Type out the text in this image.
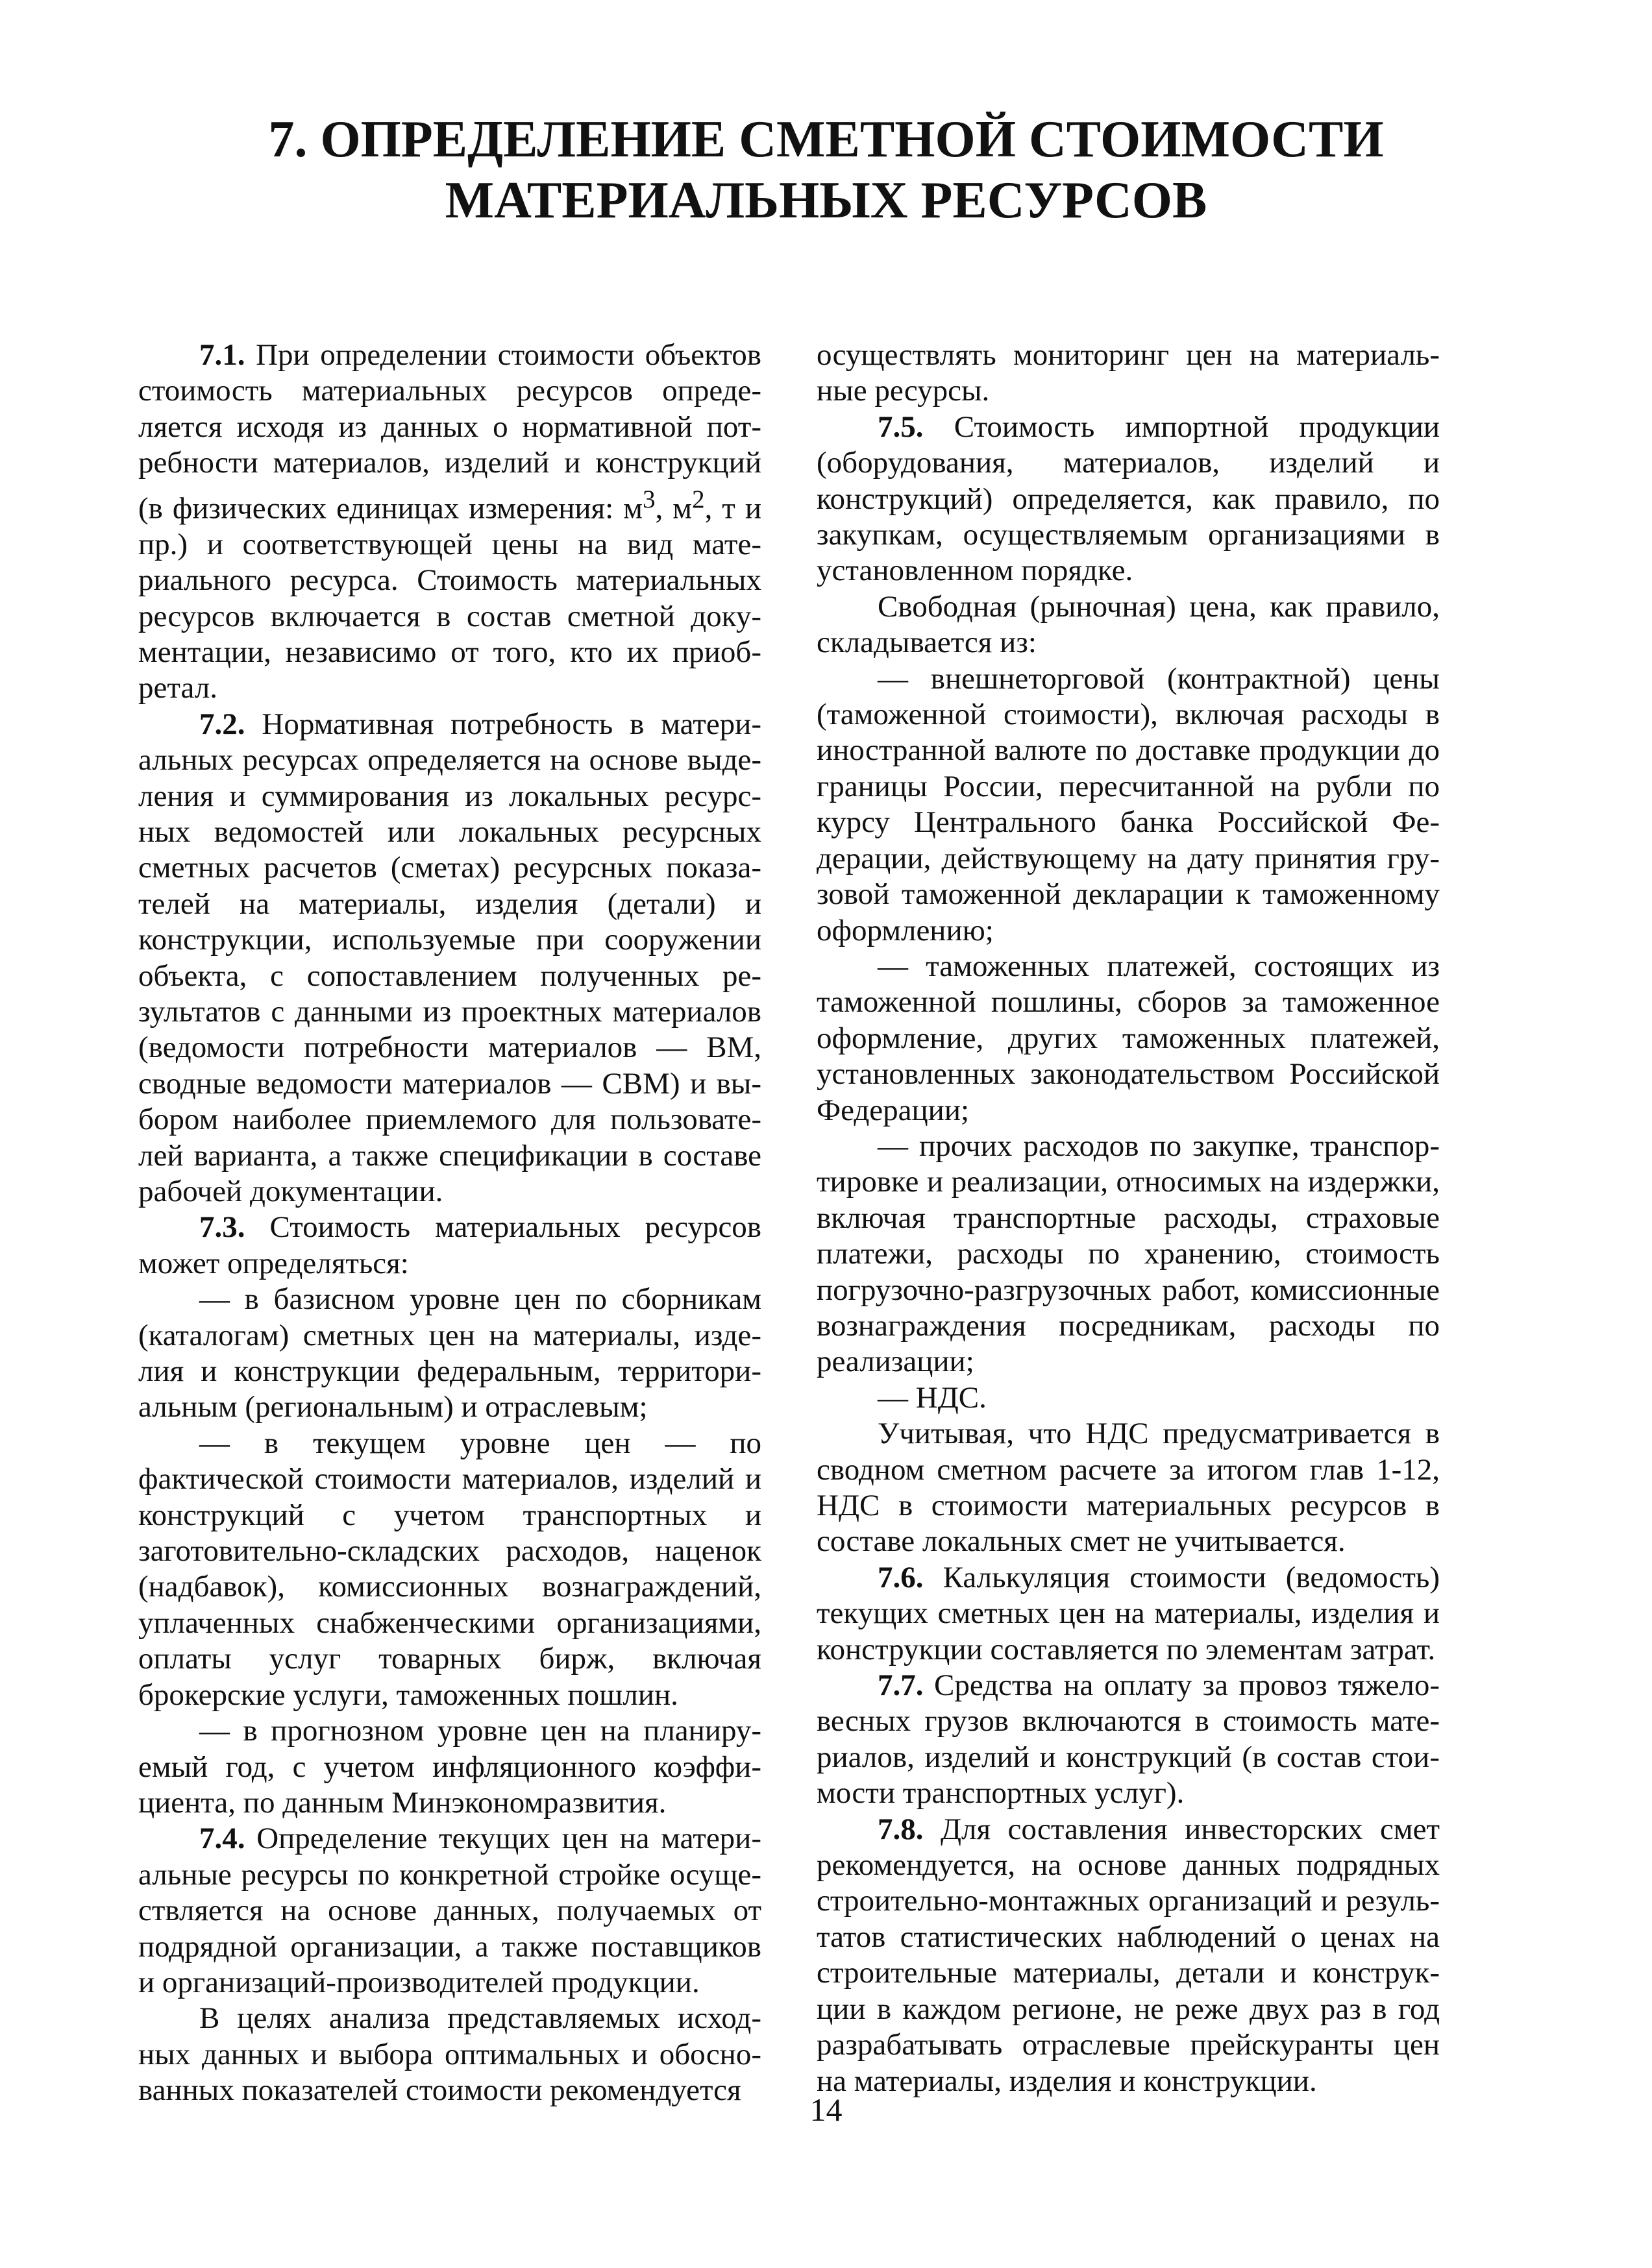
7. ОПРЕДЕЛЕНИЕ СМЕТНОЙ СТОИМОСТИ
МАТЕРИАЛЬНЫХ РЕСУРСОВ

7.1. При определении стоимости объектов стоимость материальных ресурсов определяется исходя из данных о нормативной потребности материалов, изделий и конструкций (в физических единицах измерения: $м^3$, $м^2$, т и пр.) и соответствующей цены на вид материального ресурса. Стоимость материальных ресурсов включается в состав сметной документации, независимо от того, кто их приобретал.

7.2. Нормативная потребность в материальных ресурсах определяется на основе выделения и суммирования из локальных ресурсных ведомостей или локальных ресурсных сметных расчетов (сметах) ресурсных показателей на материалы, изделия (детали) и конструкции, используемые при сооружении объекта, с сопоставлением полученных результатов с данными из проектных материалов (ведомости потребности материалов — ВМ, сводные ведомости материалов — СВМ) и выбором наиболее приемлемого для пользователей варианта, а также спецификации в составе рабочей документации.

7.3. Стоимость материальных ресурсов может определяться:

— в базисном уровне цен по сборникам (каталогам) сметных цен на материалы, изделия и конструкции федеральным, территориальным (региональным) и отраслевым;

— в текущем уровне цен — по фактической стоимости материалов, изделий и конструкций с учетом транспортных и заготовительно-складских расходов, наценок (надбавок), комиссионных вознаграждений, уплаченных снабженческими организациями, оплаты услуг товарных бирж, включая брокерские услуги, таможенных пошлин.

— в прогнозном уровне цен на планируемый год, с учетом инфляционного коэффициента, по данным Минэкономразвития.

7.4. Определение текущих цен на материальные ресурсы по конкретной стройке осуществляется на основе данных, получаемых от подрядной организации, а также поставщиков и организаций-производителей продукции.

В целях анализа представляемых исходных данных и выбора оптимальных и обоснованных показателей стоимости рекомендуется

осуществлять мониторинг цен на материальные ресурсы.

7.5. Стоимость импортной продукции (оборудования, материалов, изделий и конструкций) определяется, как правило, по закупкам, осуществляемым организациями в установленном порядке.

Свободная (рыночная) цена, как правило, складывается из:

— внешнеторговой (контрактной) цены (таможенной стоимости), включая расходы в иностранной валюте по доставке продукции до границы России, пересчитанной на рубли по курсу Центрального банка Российской Федерации, действующему на дату принятия грузовой таможенной декларации к таможенному оформлению;

— таможенных платежей, состоящих из таможенной пошлины, сборов за таможенное оформление, других таможенных платежей, установленных законодательством Российской Федерации;

— прочих расходов по закупке, транспортировке и реализации, относимых на издержки, включая транспортные расходы, страховые платежи, расходы по хранению, стоимость погрузочно-разгрузочных работ, комиссионные вознаграждения посредникам, расходы по реализации;

— НДС.

Учитывая, что НДС предусматривается в сводном сметном расчете за итогом глав 1-12, НДС в стоимости материальных ресурсов в составе локальных смет не учитывается.

7.6. Калькуляция стоимости (ведомость) текущих сметных цен на материалы, изделия и конструкции составляется по элементам затрат.

7.7. Средства на оплату за провоз тяжеловесных грузов включаются в стоимость материалов, изделий и конструкций (в состав стоимости транспортных услуг).

7.8. Для составления инвесторских смет рекомендуется, на основе данных подрядных строительно-монтажных организаций и результатов статистических наблюдений о ценах на строительные материалы, детали и конструкции в каждом регионе, не реже двух раз в год разрабатывать отраслевые прейскуранты цен на материалы, изделия и конструкции.

14
